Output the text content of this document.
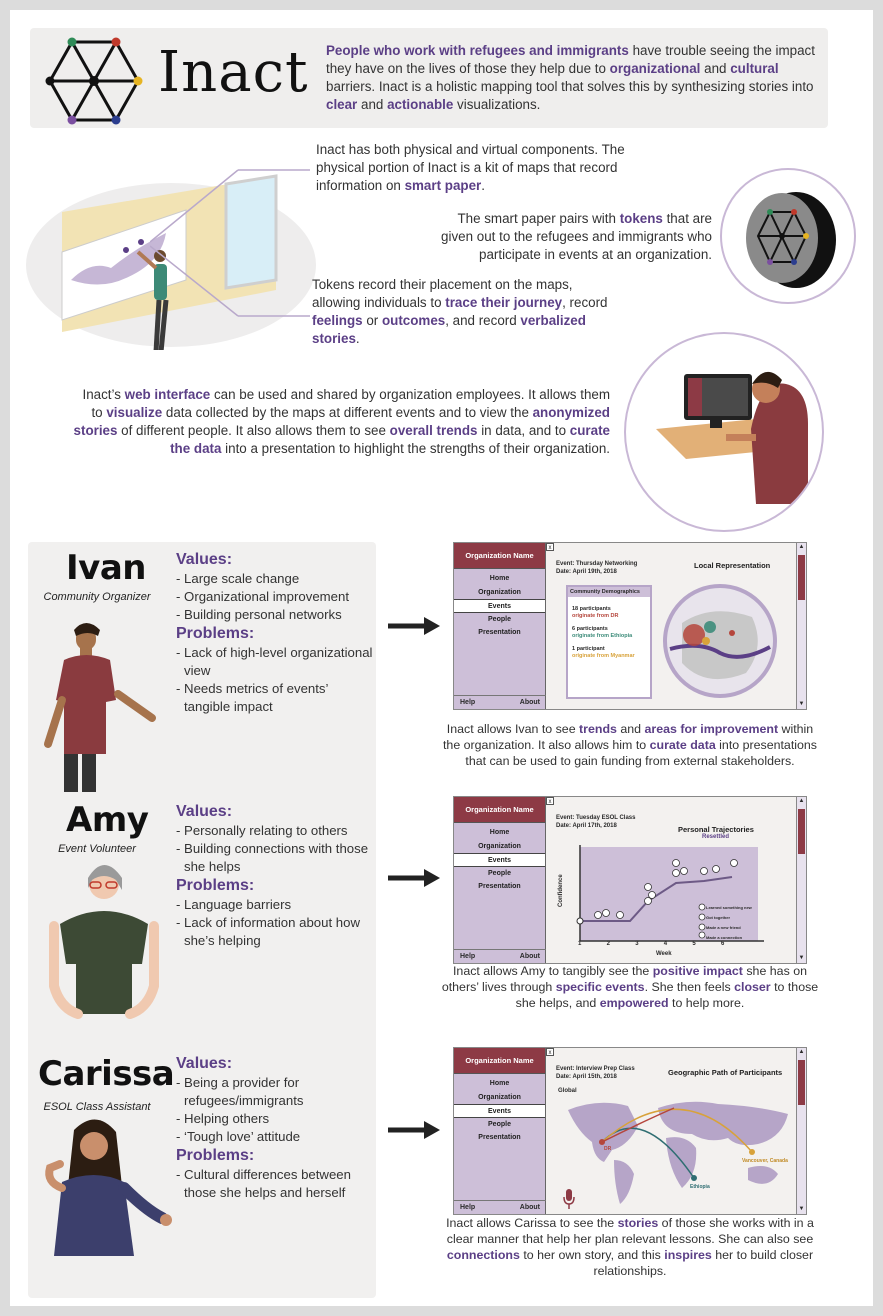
Inact People who work with refugees and immigrants have trouble seeing the impact they have on the lives of those they help due to organizational and cultural barriers. Inact is a holistic mapping tool that solves this by synthesizing stories into clear and actionable visualizations.
Inact has both physical and virtual components. The physical portion of Inact is a kit of maps that record information on smart paper.
The smart paper pairs with tokens that are given out to the refugees and immigrants who participate in events at an organization.
Tokens record their placement on the maps, allowing individuals to trace their journey, record feelings or outcomes, and record verbalized stories.
Inact’s web interface can be used and shared by organization employees. It allows them to visualize data collected by the maps at different events and to view the anonymized stories of different people. It also allows them to see overall trends in data, and to curate the data into a presentation to highlight the strengths of their organization.
Ivan
Community Organizer
Values:
- Large scale change
- Organizational improvement
- Building personal networks
Problems:
- Lack of high-level organizational view
- Needs metrics of events’ tangible impact
Amy
Event Volunteer
Values:
- Personally relating to others
- Building connections with those she helps
Problems:
- Language barriers
- Lack of information about how she’s helping
Carissa
ESOL Class Assistant
Values:
- Being a provider for refugees/immigrants
- Helping others
- ‘Tough love’ attitude
Problems:
- Cultural differences between those she helps and herself
Organization Name
Home
Organization
Events
People
Presentation
Help	About
x
Event: Thursday Networking
Date: April 19th, 2018
Local Representation
Community Demographics
18 participants
originate from DR
6 participants
originate from Ethiopia
1 participant
originate from Myanmar
▲
▼
Inact allows Ivan to see trends and areas for improvement within the organization. It also allows him to curate data into presentations that can be used to gain funding from external stakeholders.
Organization Name
Home
Organization
Events
People
Presentation
Help	About
x
Event: Tuesday ESOL Class
Date: April 17th, 2018	Personal Trajectories
Resettled
Confidence
Week
Learned something new
Got together
Made a new friend
Made a connection
1	2	3	4	5	6
▲
▼
Inact allows Amy to tangibly see the positive impact she has on others’ lives through specific events. She then feels closer to those she helps, and empowered to help more.
Organization Name
Home
Organization
Events
People
Presentation
Help	About
x
Event: Interview Prep Class
Date: April 15th, 2018	Geographic Path of Participants
Global
DR
Ethiopia
Vancouver, Canada
▲
▼
Inact allows Carissa to see the stories of those she works with in a clear manner that help her plan relevant lessons. She can also see connections to her own story, and this inspires her to build closer relationships.
